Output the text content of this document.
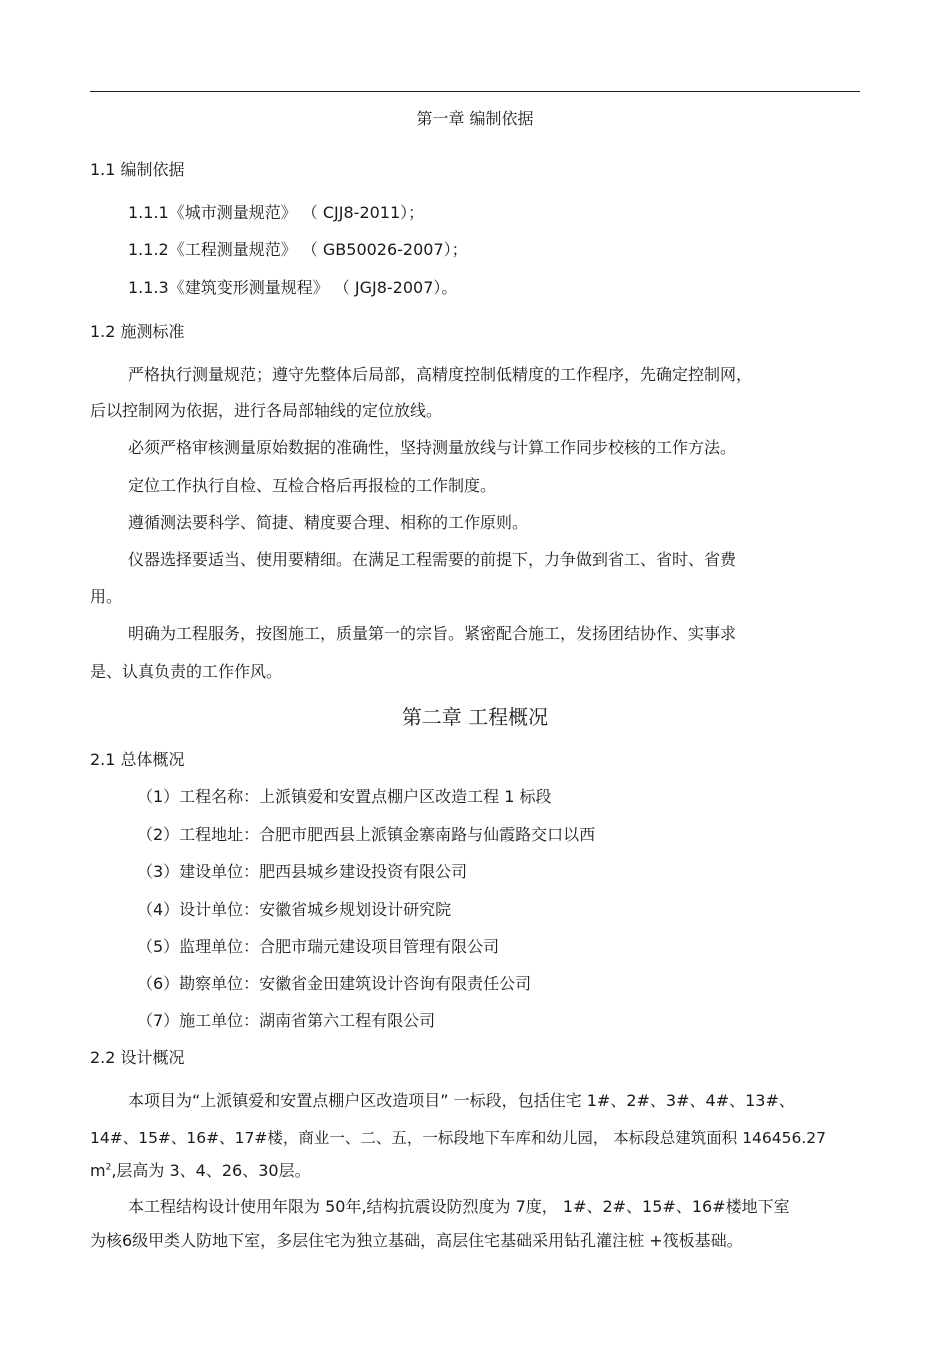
第一章 编制依据
1.1 编制依据
1.1.1《城市测量规范》 （ CJJ8-2011）；
1.1.2《工程测量规范》 （ GB50026-2007）；
1.1.3《建筑变形测量规程》 （ JGJ8-2007）。
1.2 施测标准
严格执行测量规范；遵守先整体后局部，高精度控制低精度的工作程序，先确定控制网，
后以控制网为依据，进行各局部轴线的定位放线。
必须严格审核测量原始数据的准确性，坚持测量放线与计算工作同步校核的工作方法。
定位工作执行自检、互检合格后再报检的工作制度。
遵循测法要科学、简捷、精度要合理、相称的工作原则。
仪器选择要适当、使用要精细。在满足工程需要的前提下，力争做到省工、省时、省费
用。
明确为工程服务，按图施工，质量第一的宗旨。紧密配合施工，发扬团结协作、实事求
是、认真负责的工作作风。
第二章 工程概况
2.1 总体概况
（1）工程名称：上派镇爱和安置点棚户区改造工程 1 标段
（2）工程地址：合肥市肥西县上派镇金寨南路与仙霞路交口以西
（3）建设单位：肥西县城乡建设投资有限公司
（4）设计单位：安徽省城乡规划设计研究院
（5）监理单位：合肥市瑞元建设项目管理有限公司
（6）勘察单位：安徽省金田建筑设计咨询有限责任公司
（7）施工单位：湖南省第六工程有限公司
2.2 设计概况
本项目为“上派镇爱和安置点棚户区改造项目” 一标段，包括住宅 1#、2#、3#、4#、13#、
14#、15#、16#、17#楼，商业一、二、五，一标段地下车库和幼儿园， 本标段总建筑面积 146456.27
$m^2$,层高为 3、4、26、30层。
本工程结构设计使用年限为 50年,结构抗震设防烈度为 7度， 1#、2#、15#、16#楼地下室
为核6级甲类人防地下室，多层住宅为独立基础，高层住宅基础采用钻孔灌注桩 +筏板基础。
